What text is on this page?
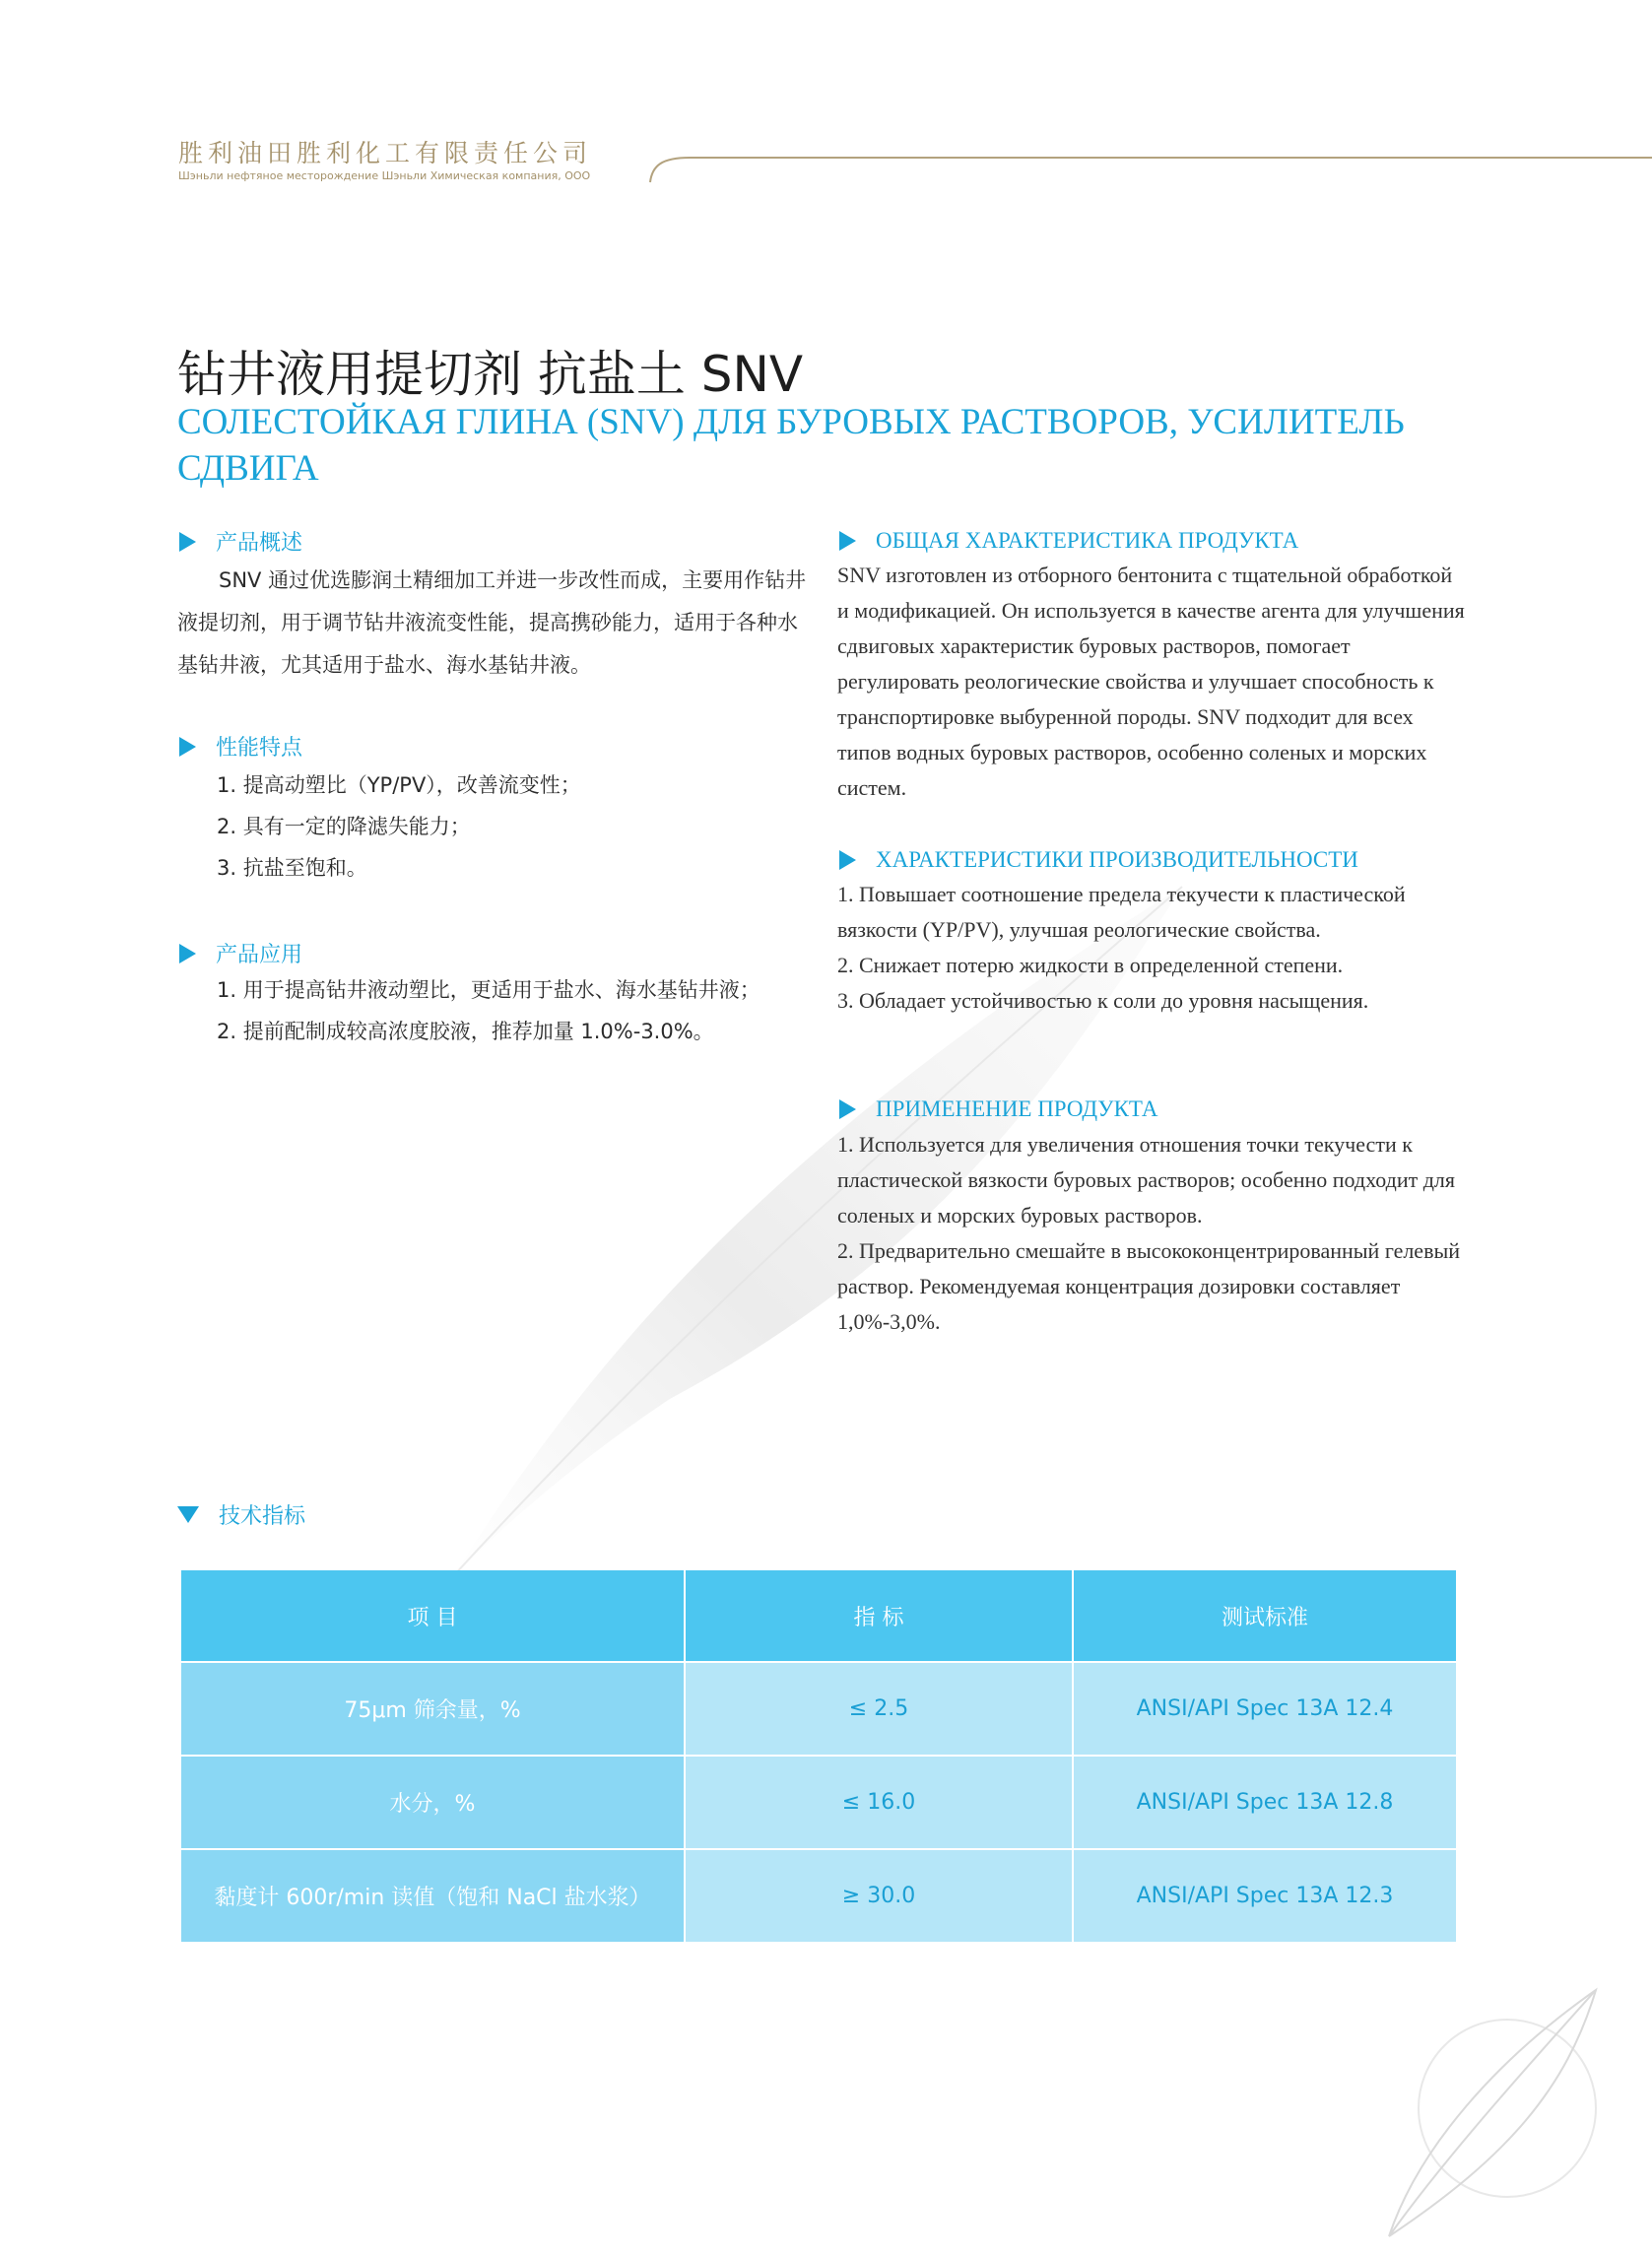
胜利油田胜利化工有限责任公司
Шэньли нефтяное месторождение Шэньли Химическая компания, ООО
钻井液用提切剂 抗盐土 SNV
СОЛЕСТОЙКАЯ ГЛИНА (SNV) ДЛЯ БУРОВЫХ РАСТВОРОВ, УСИЛИТЕЛЬ СДВИГА
产品概述
SNV 通过优选膨润土精细加工并进一步改性而成，主要用作钻井液提切剂，用于调节钻井液流变性能，提高携砂能力，适用于各种水基钻井液，尤其适用于盐水、海水基钻井液。
性能特点
1. 提高动塑比（YP/PV），改善流变性；
2. 具有一定的降滤失能力；
3. 抗盐至饱和。
产品应用
1. 用于提高钻井液动塑比，更适用于盐水、海水基钻井液；
2. 提前配制成较高浓度胶液，推荐加量 1.0%-3.0%。
ОБЩАЯ ХАРАКТЕРИСТИКА ПРОДУКТА

SNV изготовлен из отборного бентонита с тщательной обработкой и модификацией. Он используется в качестве агента для улучшения сдвиговых характеристик буровых растворов, помогает регулировать реологические свойства и улучшает способность к транспортировке выбуренной породы. SNV подходит для всех типов водных буровых растворов, особенно соленых и морских систем.

ХАРАКТЕРИСТИКИ ПРОИЗВОДИТЕЛЬНОСТИ

1. Повышает соотношение предела текучести к пластической вязкости (YP/PV), улучшая реологические свойства.

2. Снижает потерю жидкости в определенной степени.

3. Обладает устойчивостью к соли до уровня насыщения.

ПРИМЕНЕНИЕ ПРОДУКТА

1. Используется для увеличения отношения точки текучести к пластической вязкости буровых растворов; особенно подходит для соленых и морских буровых растворов.

2. Предварительно смешайте в высококонцентрированный гелевый раствор. Рекомендуемая концентрация дозировки составляет 1,0%-3,0%.

技术指标
项 目	指 标	测试标准
75μm 筛余量，%	≤ 2.5	ANSI/API Spec 13A 12.4
水分，%	≤ 16.0	ANSI/API Spec 13A 12.8
黏度计 600r/min 读值（饱和 NaCl 盐水浆）	≥ 30.0	ANSI/API Spec 13A 12.3
